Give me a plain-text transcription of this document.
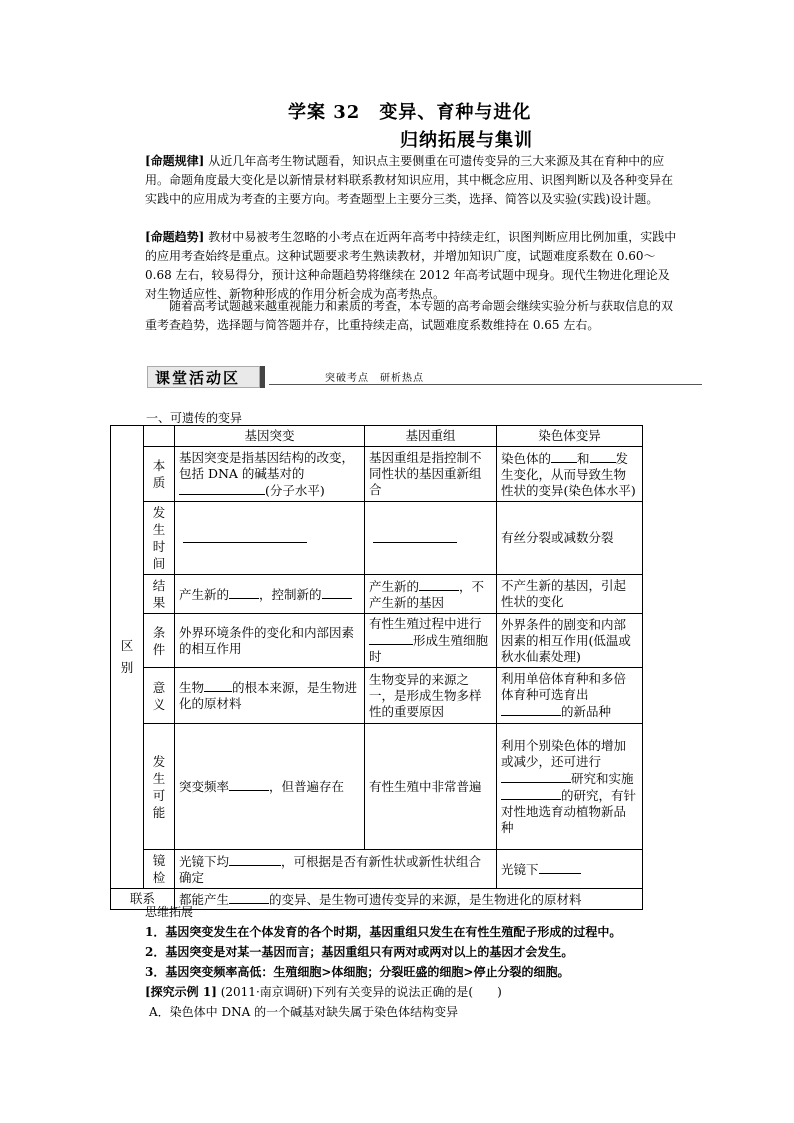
学案 32　变异、育种与进化
归纳拓展与集训
[命题规律] 从近几年高考生物试题看，知识点主要侧重在可遗传变异的三大来源及其在育种中的应用。命题角度最大变化是以新情景材料联系教材知识应用，其中概念应用、识图判断以及各种变异在实践中的应用成为考查的主要方向。考查题型上主要分三类，选择、简答以及实验(实践)设计题。
[命题趋势] 教材中易被考生忽略的小考点在近两年高考中持续走红，识图判断应用比例加重，实践中的应用考查始终是重点。这种试题要求考生熟读教材，并增加知识广度，试题难度系数在 0.60～0.68 左右，较易得分，预计这种命题趋势将继续在 2012 年高考试题中现身。现代生物进化理论及对生物适应性、新物种形成的作用分析会成为高考热点。
随着高考试题越来越重视能力和素质的考查，本专题的高考命题会继续实验分析与获取信息的双重考查趋势，选择题与简答题并存，比重持续走高，试题难度系数维持在 0.65 左右。
课堂活动区	突破考点　研析热点
一、可遗传的变异
区别		基因突变	基因重组	染色体变异

	本质	基因突变是指基因结构的改变，包括 DNA 的碱基对的(分子水平)	基因重组是指控制不同性状的基因重新组合	染色体的 和 发生变化，从而导致生物性状的变异(染色体水平)

	发生时间			有丝分裂或减数分裂

	结果	产生新的 ，控制新的	产生新的 ，不产生新的基因	不产生新的基因，引起性状的变化

	条件	外界环境条件的变化和内部因素的相互作用	有性生殖过程中进行形成生殖细胞时	外界条件的剧变和内部因素的相互作用(低温或秋水仙素处理)

	意义	生物 的根本来源，是生物进化的原材料	生物变异的来源之一，是形成生物多样性的重要原因	利用单倍体育种和多倍体育种可选育出的新品种

	发生可能	突变频率 ，但普遍存在	有性生殖中非常普遍	利用个别染色体的增加或减少，还可进行研究和实施的研究，有针对性地选育动植物新品种

	镜检	光镜下均 ，可根据是否有新性状或新性状组合确定		光镜下
联系		都能产生 的变异、是生物可遗传变异的来源，是生物进化的原材料		
思维拓展
1．基因突变发生在个体发育的各个时期，基因重组只发生在有性生殖配子形成的过程中。
2．基因突变是对某一基因而言；基因重组只有两对或两对以上的基因才会发生。
3．基因突变频率高低：生殖细胞>体细胞；分裂旺盛的细胞>停止分裂的细胞。
[探究示例 1] (2011·南京调研)下列有关变异的说法正确的是(　　)
A．染色体中 DNA 的一个碱基对缺失属于染色体结构变异
